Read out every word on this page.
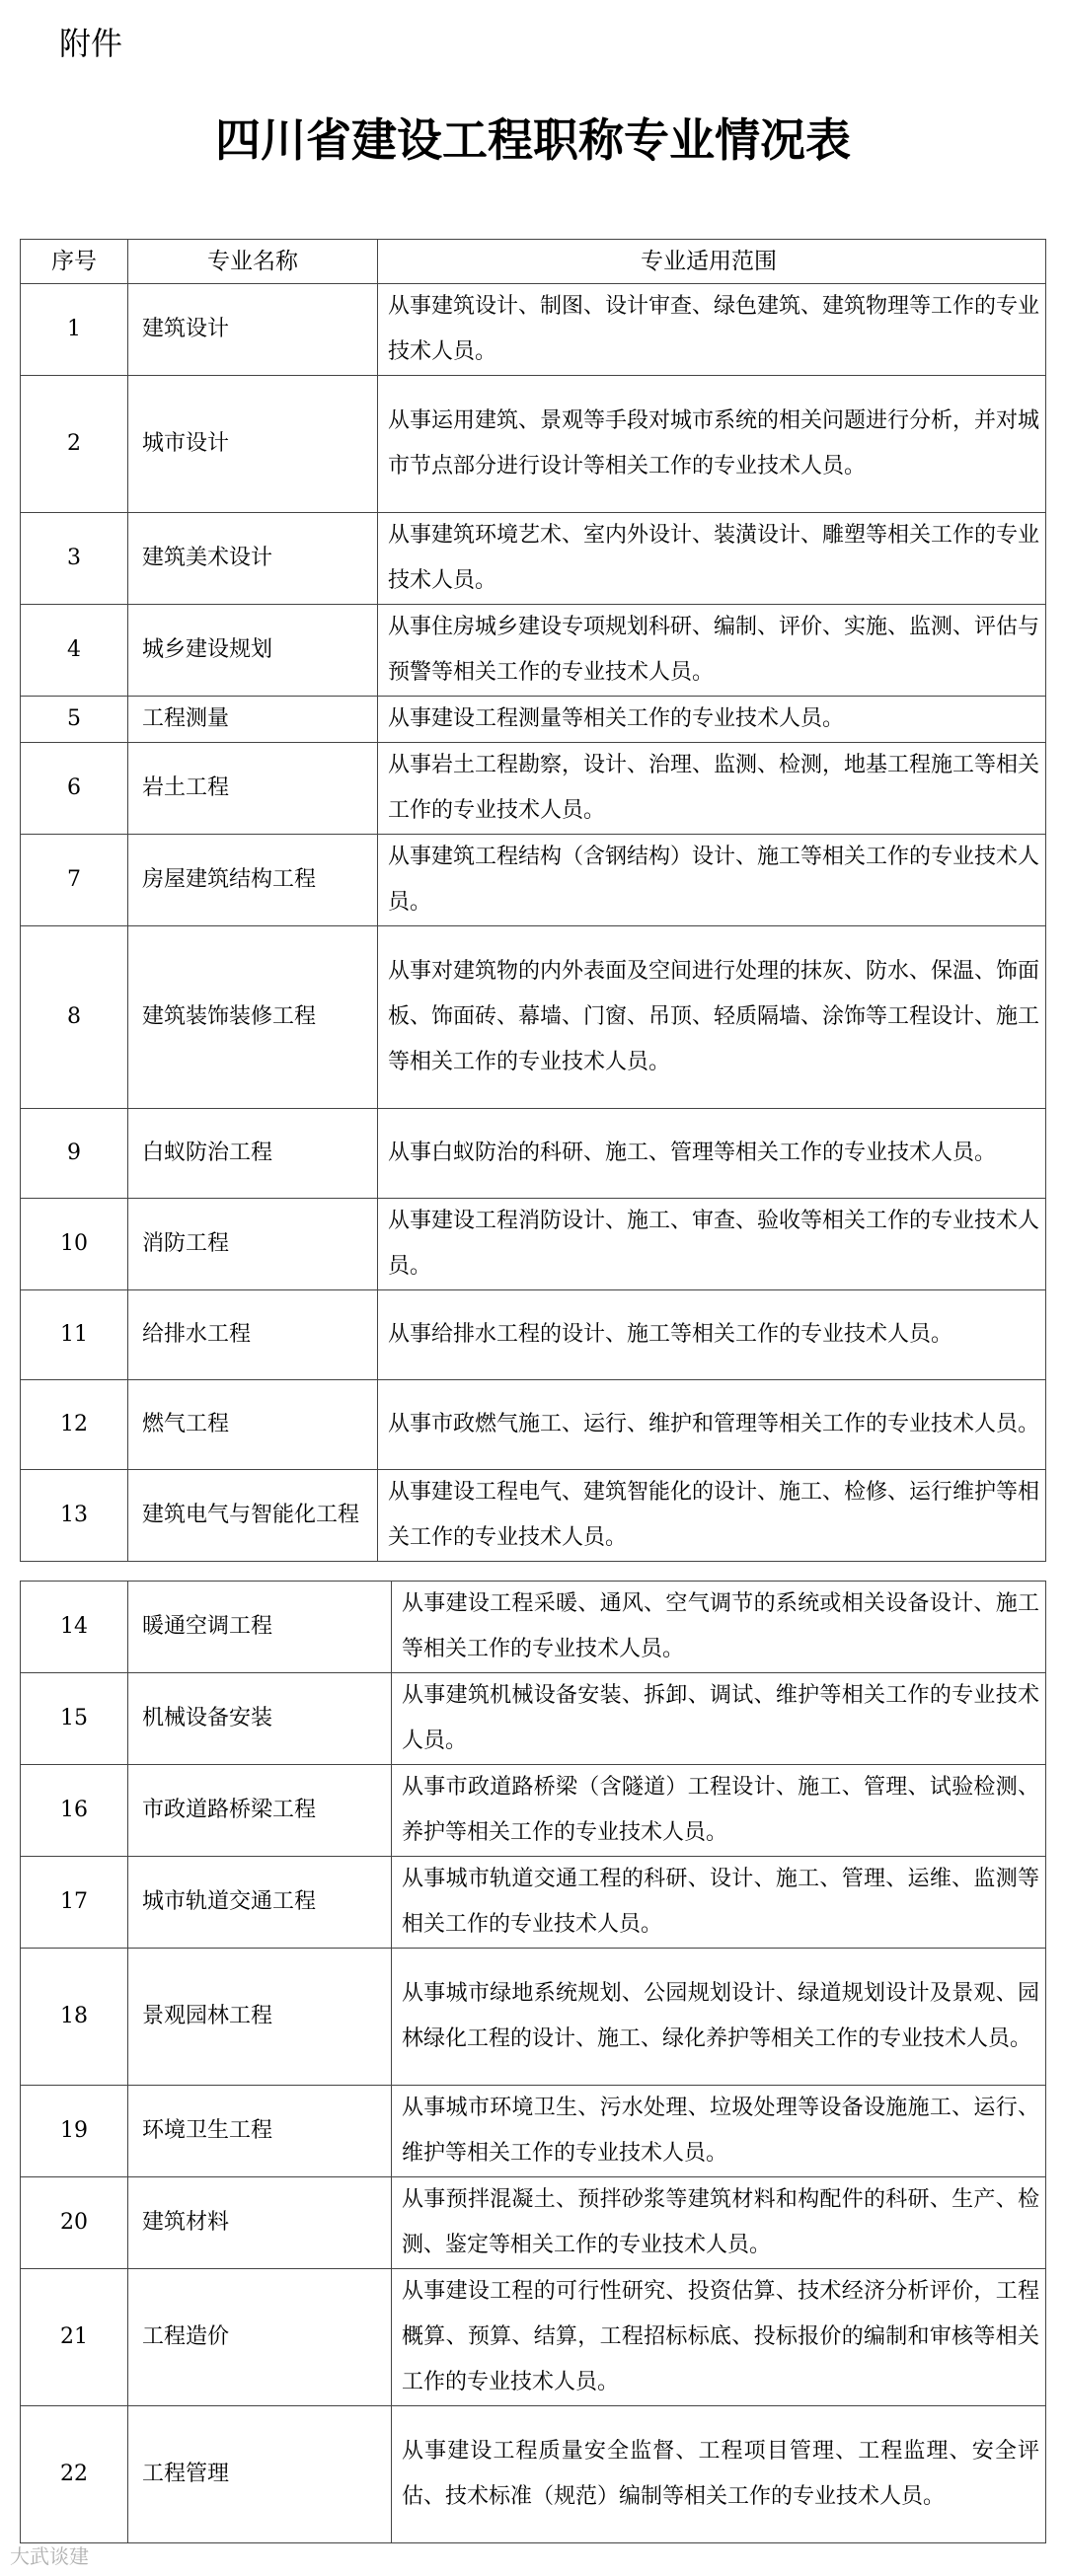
附件
四川省建设工程职称专业情况表
序号	专业名称	专业适用范围
1	建筑设计	从事建筑设计、制图、设计审查、绿色建筑、建筑物理等工作的专业技术人员。
2	城市设计	从事运用建筑、景观等手段对城市系统的相关问题进行分析，并对城市节点部分进行设计等相关工作的专业技术人员。
3	建筑美术设计	从事建筑环境艺术、室内外设计、装潢设计、雕塑等相关工作的专业技术人员。
4	城乡建设规划	从事住房城乡建设专项规划科研、编制、评价、实施、监测、评估与预警等相关工作的专业技术人员。
5	工程测量	从事建设工程测量等相关工作的专业技术人员。
6	岩土工程	从事岩土工程勘察，设计、治理、监测、检测，地基工程施工等相关工作的专业技术人员。
7	房屋建筑结构工程	从事建筑工程结构（含钢结构）设计、施工等相关工作的专业技术人员。
8	建筑装饰装修工程	从事对建筑物的内外表面及空间进行处理的抹灰、防水、保温、饰面板、饰面砖、幕墙、门窗、吊顶、轻质隔墙、涂饰等工程设计、施工等相关工作的专业技术人员。
9	白蚁防治工程	从事白蚁防治的科研、施工、管理等相关工作的专业技术人员。
10	消防工程	从事建设工程消防设计、施工、审查、验收等相关工作的专业技术人员。
11	给排水工程	从事给排水工程的设计、施工等相关工作的专业技术人员。
12	燃气工程	从事市政燃气施工、运行、维护和管理等相关工作的专业技术人员。
13	建筑电气与智能化工程	从事建设工程电气、建筑智能化的设计、施工、检修、运行维护等相关工作的专业技术人员。
14	暖通空调工程	从事建设工程采暖、通风、空气调节的系统或相关设备设计、施工等相关工作的专业技术人员。
15	机械设备安装	从事建筑机械设备安装、拆卸、调试、维护等相关工作的专业技术人员。
16	市政道路桥梁工程	从事市政道路桥梁（含隧道）工程设计、施工、管理、试验检测、养护等相关工作的专业技术人员。
17	城市轨道交通工程	从事城市轨道交通工程的科研、设计、施工、管理、运维、监测等相关工作的专业技术人员。
18	景观园林工程	从事城市绿地系统规划、公园规划设计、绿道规划设计及景观、园林绿化工程的设计、施工、绿化养护等相关工作的专业技术人员。
19	环境卫生工程	从事城市环境卫生、污水处理、垃圾处理等设备设施施工、运行、维护等相关工作的专业技术人员。
20	建筑材料	从事预拌混凝土、预拌砂浆等建筑材料和构配件的科研、生产、检测、鉴定等相关工作的专业技术人员。
21	工程造价	从事建设工程的可行性研究、投资估算、技术经济分析评价，工程概算、预算、结算，工程招标标底、投标报价的编制和审核等相关工作的专业技术人员。
22	工程管理	从事建设工程质量安全监督、工程项目管理、工程监理、安全评估、技术标准（规范）编制等相关工作的专业技术人员。
大武谈建
